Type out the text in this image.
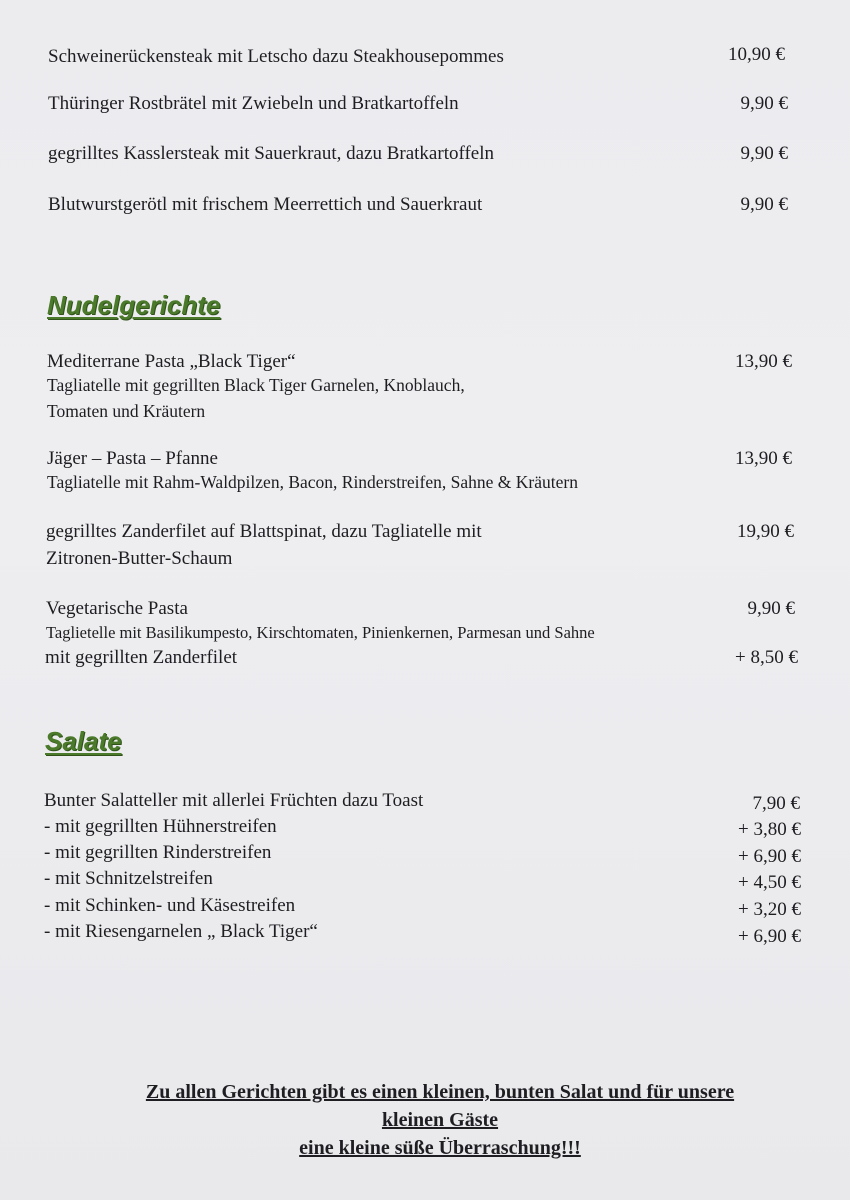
Schweinerückensteak mit Letscho dazu Steakhousepommes	10,90 €
Thüringer Rostbrätel mit Zwiebeln und Bratkartoffeln	9,90 €
gegrilltes Kasslersteak mit Sauerkraut, dazu Bratkartoffeln	9,90 €
Blutwurstgerötl mit frischem Meerrettich und Sauerkraut	9,90 €
Nudelgerichte
Mediterrane Pasta „Black Tiger“	13,90 €
Tagliatelle mit gegrillten Black Tiger Garnelen, Knoblauch,
Tomaten und Kräutern
Jäger – Pasta – Pfanne	13,90 €
Tagliatelle mit Rahm-Waldpilzen, Bacon, Rinderstreifen, Sahne & Kräutern
gegrilltes Zanderfilet auf Blattspinat, dazu Tagliatelle mit	19,90 €
Zitronen-Butter-Schaum
Vegetarische Pasta	9,90 €
Taglietelle mit Basilikumpesto, Kirschtomaten, Pinienkernen, Parmesan und Sahne
mit gegrillten Zanderfilet	+ 8,50 €
Salate
Bunter Salatteller mit allerlei Früchten dazu Toast	7,90 €
- mit gegrillten Hühnerstreifen	+ 3,80 €
- mit gegrillten Rinderstreifen	+ 6,90 €
- mit Schnitzelstreifen	+ 4,50 €
- mit Schinken- und Käsestreifen	+ 3,20 €
- mit Riesengarnelen „ Black Tiger“	+ 6,90 €
Zu allen Gerichten gibt es einen kleinen, bunten Salat und für unsere
kleinen Gäste
eine kleine süße Überraschung!!!
